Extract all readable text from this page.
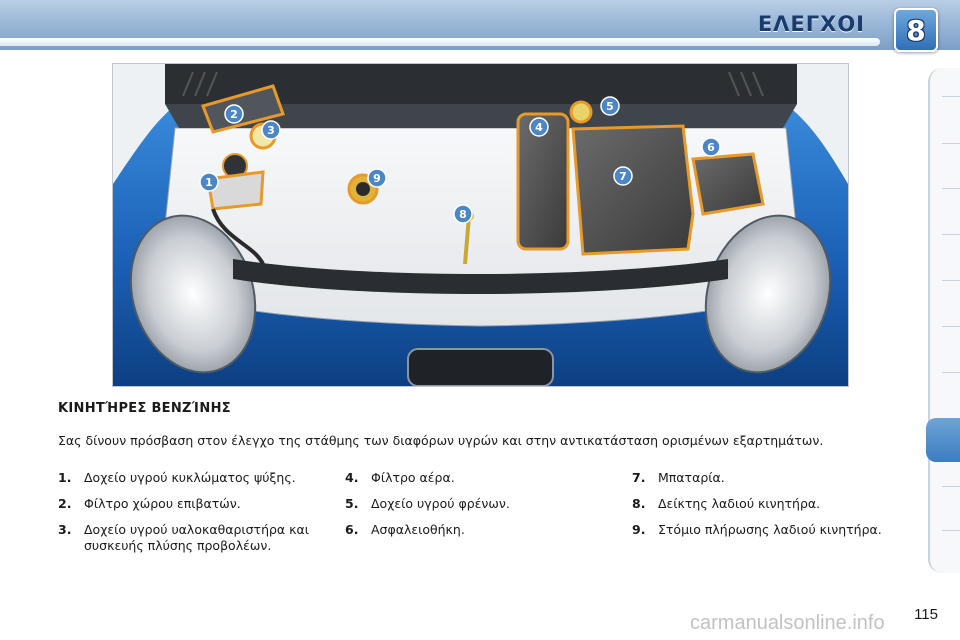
ΕΛΕΓΧΟΙ 8
1
2
3	4
5
6
7
8
9
ΚΙΝΗΤΉΡΕΣ ΒΕΝΖΊΝΗΣ
Σας δίνουν πρόσβαση στον έλεγχο της στάθμης των διαφόρων υγρών και στην αντικατάσταση ορισμένων εξαρτημάτων.
1. Δοχείο υγρού κυκλώματος ψύξης.
2. Φίλτρο χώρου επιβατών.
3. Δοχείο υγρού υαλοκαθαριστήρα και συσκευής πλύσης προβολέων.
4. Φίλτρο αέρα.
5. Δοχείο υγρού φρένων.
6. Ασφαλειοθήκη.
7. Μπαταρία.
8. Δείκτης λαδιού κινητήρα.
9. Στόμιο πλήρωσης λαδιού κινητήρα.
carmanualsonline.info 115
